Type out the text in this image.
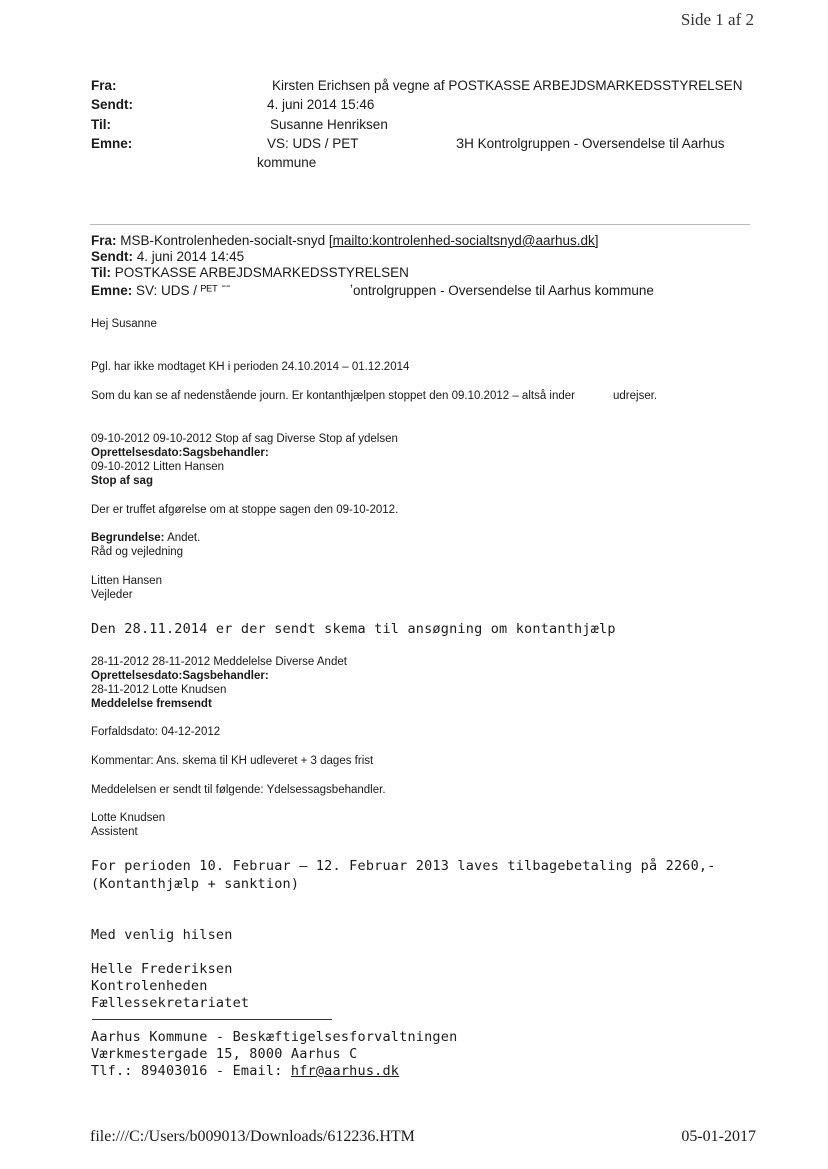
Side 1 af 2
Fra:	Kirsten Erichsen på vegne af POSTKASSE ARBEJDSMARKEDSSTYRELSEN
Sendt:	4. juni 2014 15:46
Til:	Susanne Henriksen
Emne:	VS: UDS / PET	ЗH Kontrolgruppen - Oversendelse til Aarhus
kommune
Fra: MSB-Kontrolenheden-socialt-snyd [mailto:kontrolenhed-socialtsnyd@aarhus.dk]
Sendt: 4. juni 2014 14:45
Til: POSTKASSE ARBEJDSMARKEDSSTYRELSEN
Emne: SV: UDS / ᴾᴱᵀ ˉˉ	ʼontrolgruppen - Oversendelse til Aarhus kommune
Hej Susanne
Pgl. har ikke modtaget KH i perioden 24.10.2014 – 01.12.2014
Som du kan se af nedenstående journ. Er kontanthjælpen stoppet den 09.10.2012 – altså inder	udrejser.
09-10-2012 09-10-2012 Stop af sag Diverse Stop af ydelsen
Oprettelsesdato:Sagsbehandler:
09-10-2012 Litten Hansen
Stop af sag
Der er truffet afgørelse om at stoppe sagen den 09-10-2012.
Begrundelse: Andet.
Råd og vejledning
Litten Hansen
Vejleder
Den 28.11.2014 er der sendt skema til ansøgning om kontanthjælp
28-11-2012 28-11-2012 Meddelelse Diverse Andet
Oprettelsesdato:Sagsbehandler:
28-11-2012 Lotte Knudsen
Meddelelse fremsendt
Forfaldsdato: 04-12-2012
Kommentar: Ans. skema til KH udleveret + 3 dages frist
Meddelelsen er sendt til følgende: Ydelsessagsbehandler.
Lotte Knudsen
Assistent
For perioden 10. Februar – 12. Februar 2013 laves tilbagebetaling på 2260,-
(Kontanthjælp + sanktion)
Med venlig hilsen
Helle Frederiksen
Kontrolenheden
Fællessekretariatet
Aarhus Kommune - Beskæftigelsesforvaltningen
Værkmestergade 15, 8000 Aarhus C
Tlf.: 89403016 - Email: hfr@aarhus.dk
file:///C:/Users/b009013/Downloads/612236.HTM	05-01-2017
